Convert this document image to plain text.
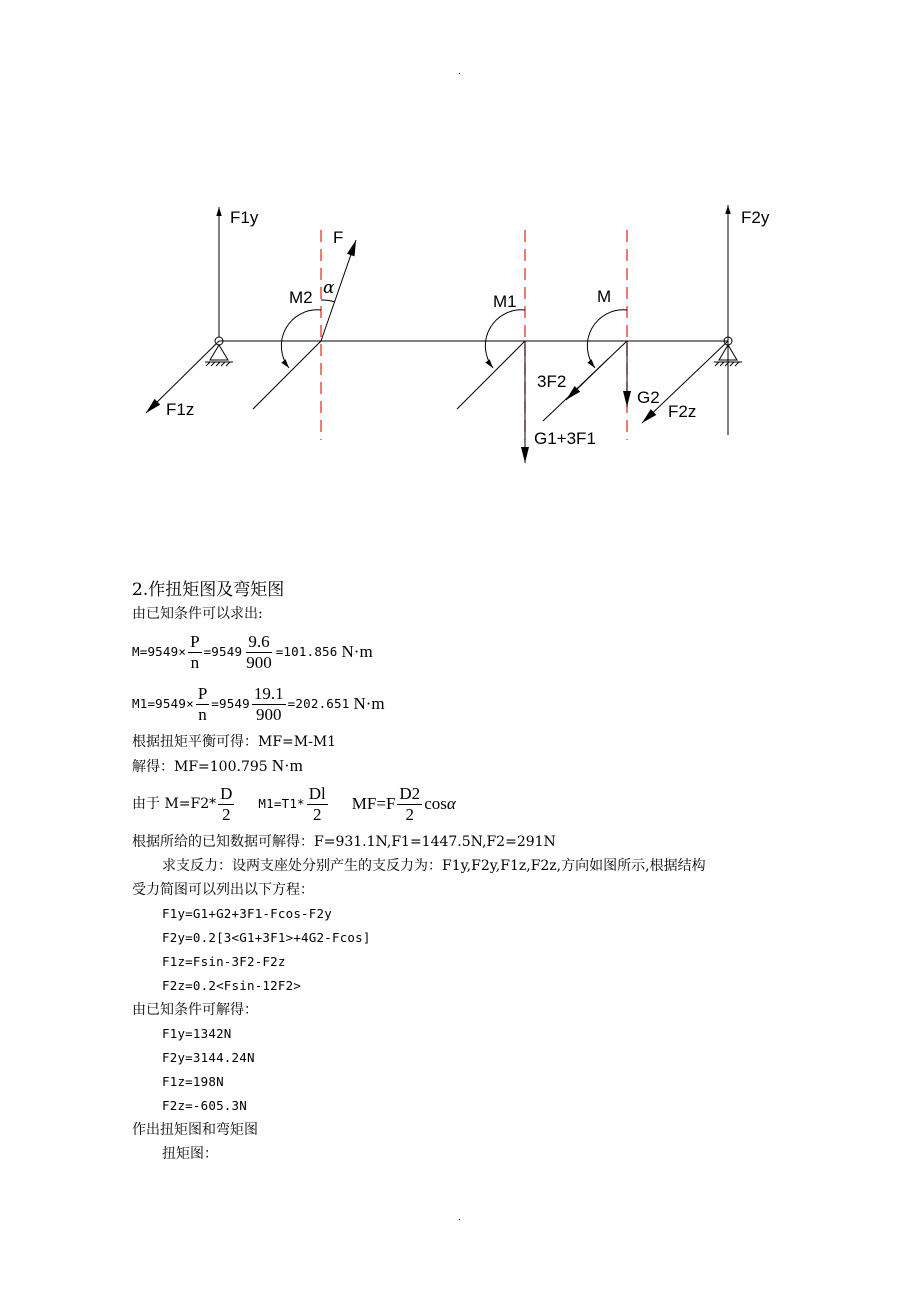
.
F1y	F2y
F1z
F
α
M2	M1
G1+3F1
M
3F2
G2
F2z
2.作扭矩图及弯矩图
由已知条件可以求出:
$M=9549\times \frac{P}{n} =9549 \frac{9.6}{900} =101.856$ N·m
$M1=9549\times \frac{P}{n} =9549 \frac{19.1}{900} =202.651$ N·m
根据扭矩平衡可得：MF=M-M1
解得：MF=100.795 N·m
由于 $M=F2* \frac{D}{2} M1=T1* \frac{Dl}{2} MF=F \frac{D2}{2}$ cos α
根据所给的已知数据可解得：F=931.1N,F1=1447.5N,F2=291N
求支反力：设两支座处分别产生的支反力为：F1y,F2y,F1z,F2z,方向如图所示,根据结构
受力简图可以列出以下方程：
F1y=G1+G2+3F1-Fcos-F2y
F2y=0.2[3<G1+3F1>+4G2-Fcos]
F1z=Fsin-3F2-F2z
F2z=0.2<Fsin-12F2>
由已知条件可解得：
F1y=1342N
F2y=3144.24N
F1z=198N
F2z=-605.3N
作出扭矩图和弯矩图
扭矩图：
.
